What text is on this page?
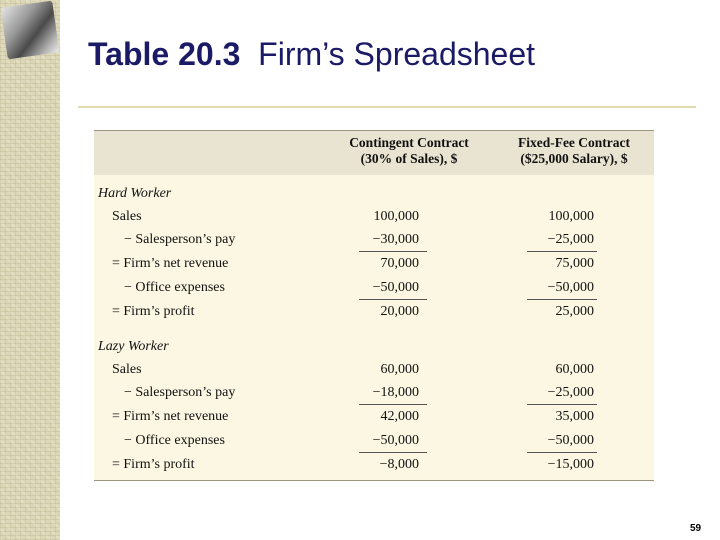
Table 20.3 Firm’s Spreadsheet
Contingent Contract
(30% of Sales), $
Fixed-Fee Contract
($25,000 Salary), $
Hard Worker
Sales	100,000	100,000
− Salesperson’s pay	−30,000	−25,000
= Firm’s net revenue	70,000	75,000
− Office expenses	−50,000	−50,000
= Firm’s profit	20,000	25,000
Lazy Worker
Sales	60,000	60,000
− Salesperson’s pay	−18,000	−25,000
= Firm’s net revenue	42,000	35,000
− Office expenses	−50,000	−50,000
= Firm’s profit	−8,000	−15,000
59
